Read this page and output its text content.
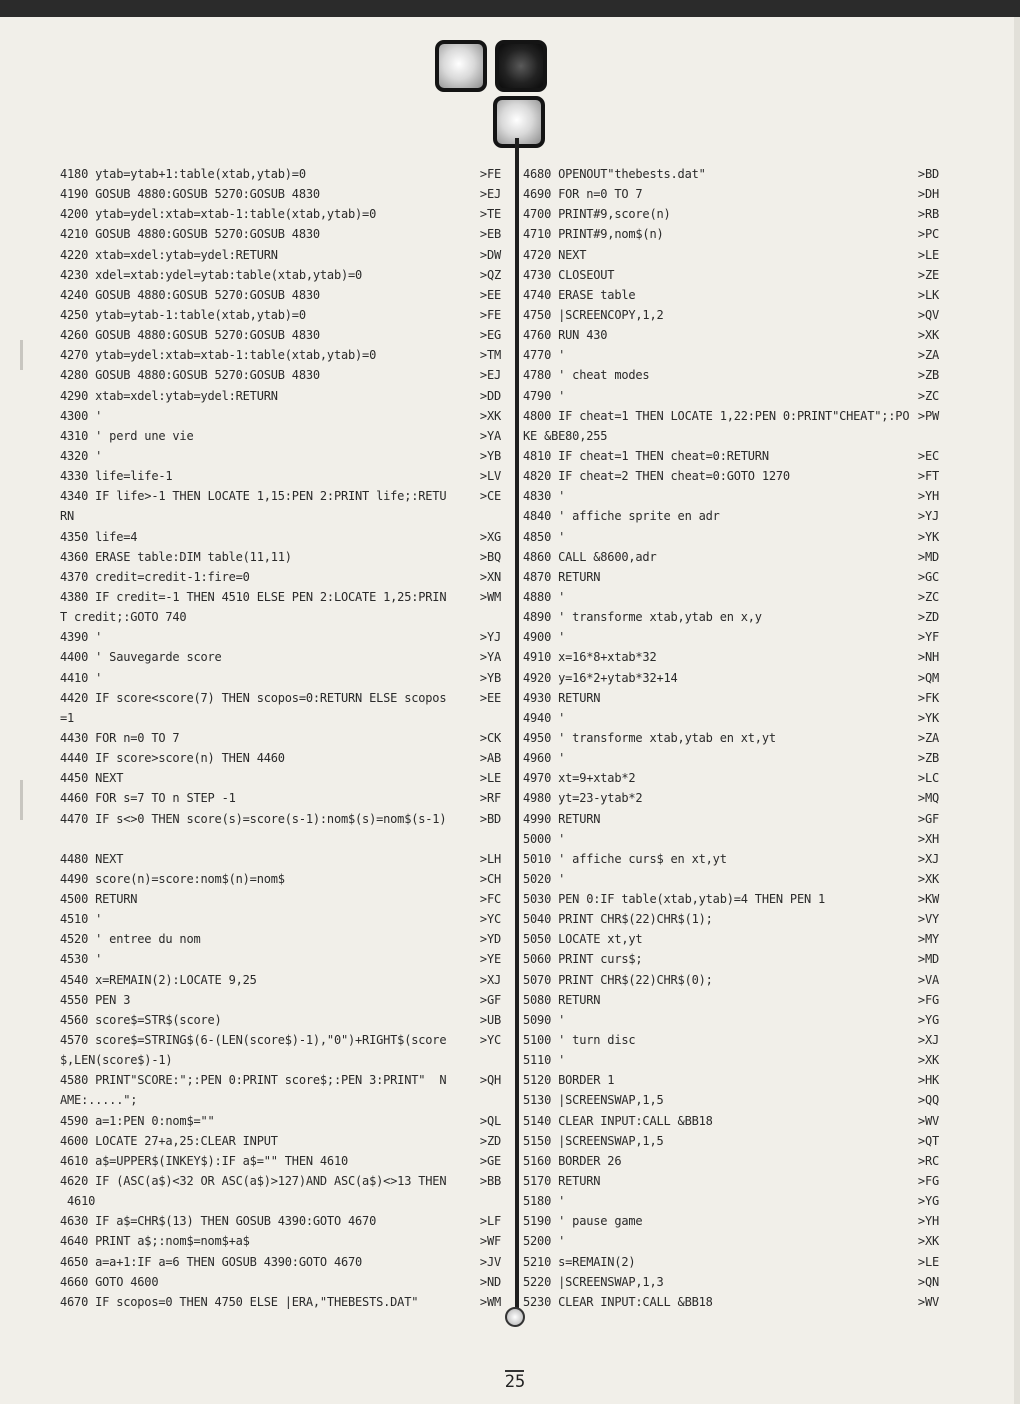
4180 ytab=ytab+1:table(xtab,ytab)=0	>FE
4190 GOSUB 4880:GOSUB 5270:GOSUB 4830	>EJ
4200 ytab=ydel:xtab=xtab-1:table(xtab,ytab)=0	>TE
4210 GOSUB 4880:GOSUB 5270:GOSUB 4830	>EB
4220 xtab=xdel:ytab=ydel:RETURN	>DW
4230 xdel=xtab:ydel=ytab:table(xtab,ytab)=0	>QZ
4240 GOSUB 4880:GOSUB 5270:GOSUB 4830	>EE
4250 ytab=ytab-1:table(xtab,ytab)=0	>FE
4260 GOSUB 4880:GOSUB 5270:GOSUB 4830	>EG
4270 ytab=ydel:xtab=xtab-1:table(xtab,ytab)=0	>TM
4280 GOSUB 4880:GOSUB 5270:GOSUB 4830	>EJ
4290 xtab=xdel:ytab=ydel:RETURN	>DD
4300 '	>XK
4310 ' perd une vie	>YA
4320 '	>YB
4330 life=life-1	>LV
4340 IF life>-1 THEN LOCATE 1,15:PEN 2:PRINT life;:RETU	>CE
RN
4350 life=4	>XG
4360 ERASE table:DIM table(11,11)	>BQ
4370 credit=credit-1:fire=0	>XN
4380 IF credit=-1 THEN 4510 ELSE PEN 2:LOCATE 1,25:PRIN	>WM
T credit;:GOTO 740
4390 '	>YJ
4400 ' Sauvegarde score	>YA
4410 '	>YB
4420 IF score<score(7) THEN scopos=0:RETURN ELSE scopos	>EE
=1
4430 FOR n=0 TO 7	>CK
4440 IF score>score(n) THEN 4460	>AB
4450 NEXT	>LE
4460 FOR s=7 TO n STEP -1	>RF
4470 IF s<>0 THEN score(s)=score(s-1):nom$(s)=nom$(s-1)	>BD
4480 NEXT	>LH
4490 score(n)=score:nom$(n)=nom$	>CH
4500 RETURN	>FC
4510 '	>YC
4520 ' entree du nom	>YD
4530 '	>YE
4540 x=REMAIN(2):LOCATE 9,25	>XJ
4550 PEN 3	>GF
4560 score$=STR$(score)	>UB
4570 score$=STRING$(6-(LEN(score$)-1),"0")+RIGHT$(score	>YC
$,LEN(score$)-1)
4580 PRINT"SCORE:";:PEN 0:PRINT score$;:PEN 3:PRINT"  N	>QH
AME:.....";
4590 a=1:PEN 0:nom$=""	>QL
4600 LOCATE 27+a,25:CLEAR INPUT	>ZD
4610 a$=UPPER$(INKEY$):IF a$="" THEN 4610	>GE
4620 IF (ASC(a$)<32 OR ASC(a$)>127)AND ASC(a$)<>13 THEN	>BB
4610
4630 IF a$=CHR$(13) THEN GOSUB 4390:GOTO 4670	>LF
4640 PRINT a$;:nom$=nom$+a$	>WF
4650 a=a+1:IF a=6 THEN GOSUB 4390:GOTO 4670	>JV
4660 GOTO 4600	>ND
4670 IF scopos=0 THEN 4750 ELSE |ERA,"THEBESTS.DAT"	>WM
4680 OPENOUT"thebests.dat"	>BD
4690 FOR n=0 TO 7	>DH
4700 PRINT#9,score(n)	>RB
4710 PRINT#9,nom$(n)	>PC
4720 NEXT	>LE
4730 CLOSEOUT	>ZE
4740 ERASE table	>LK
4750 |SCREENCOPY,1,2	>QV
4760 RUN 430	>XK
4770 '	>ZA
4780 ' cheat modes	>ZB
4790 '	>ZC
4800 IF cheat=1 THEN LOCATE 1,22:PEN 0:PRINT"CHEAT";:PO >PW
KE &BE80,255
4810 IF cheat=1 THEN cheat=0:RETURN	>EC
4820 IF cheat=2 THEN cheat=0:GOTO 1270	>FT
4830 '	>YH
4840 ' affiche sprite en adr	>YJ
4850 '	>YK
4860 CALL &8600,adr	>MD
4870 RETURN	>GC
4880 '	>ZC
4890 ' transforme xtab,ytab en x,y	>ZD
4900 '	>YF
4910 x=16*8+xtab*32	>NH
4920 y=16*2+ytab*32+14	>QM
4930 RETURN	>FK
4940 '	>YK
4950 ' transforme xtab,ytab en xt,yt	>ZA
4960 '	>ZB
4970 xt=9+xtab*2	>LC
4980 yt=23-ytab*2	>MQ
4990 RETURN	>GF
5000 '	>XH
5010 ' affiche curs$ en xt,yt	>XJ
5020 '	>XK
5030 PEN 0:IF table(xtab,ytab)=4 THEN PEN 1	>KW
5040 PRINT CHR$(22)CHR$(1);	>VY
5050 LOCATE xt,yt	>MY
5060 PRINT curs$;	>MD
5070 PRINT CHR$(22)CHR$(0);	>VA
5080 RETURN	>FG
5090 '	>YG
5100 ' turn disc	>XJ
5110 '	>XK
5120 BORDER 1	>HK
5130 |SCREENSWAP,1,5	>QQ
5140 CLEAR INPUT:CALL &BB18	>WV
5150 |SCREENSWAP,1,5	>QT
5160 BORDER 26	>RC
5170 RETURN	>FG
5180 '	>YG
5190 ' pause game	>YH
5200 '	>XK
5210 s=REMAIN(2)	>LE
5220 |SCREENSWAP,1,3	>QN
5230 CLEAR INPUT:CALL &BB18	>WV
25
